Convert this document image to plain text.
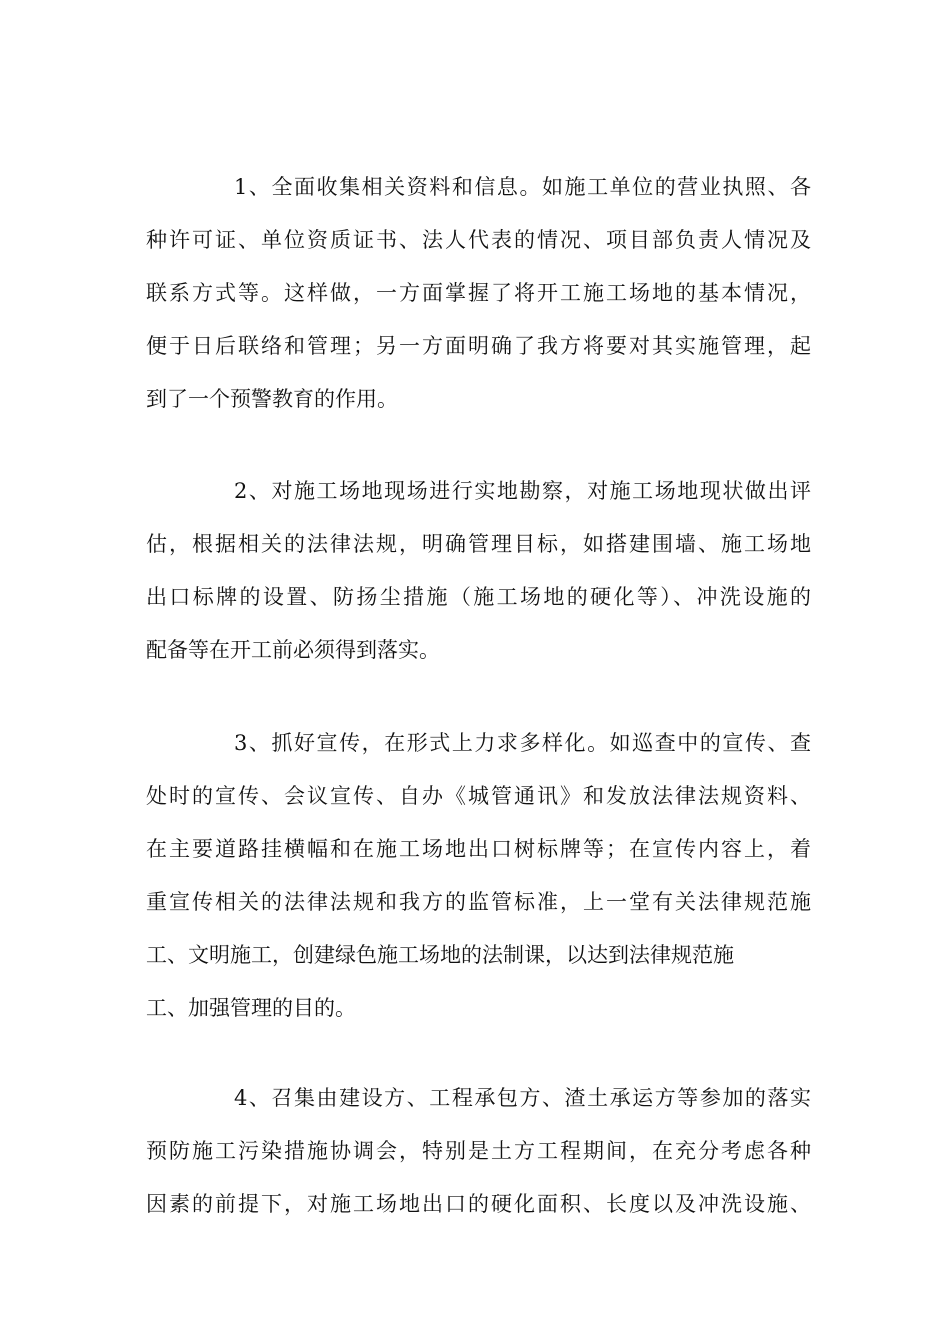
1、全面收集相关资料和信息。如施工单位的营业执照、各
种许可证、单位资质证书、法人代表的情况、项目部负责人情况及
联系方式等。这样做，一方面掌握了将开工施工场地的基本情况，
便于日后联络和管理；另一方面明确了我方将要对其实施管理，起
到了一个预警教育的作用。
2、对施工场地现场进行实地勘察，对施工场地现状做出评
估，根据相关的法律法规，明确管理目标，如搭建围墙、施工场地
出口标牌的设置、防扬尘措施（施工场地的硬化等）、冲洗设施的
配备等在开工前必须得到落实。
3、抓好宣传，在形式上力求多样化。如巡查中的宣传、查
处时的宣传、会议宣传、自办《城管通讯》和发放法律法规资料、
在主要道路挂横幅和在施工场地出口树标牌等；在宣传内容上，着
重宣传相关的法律法规和我方的监管标准，上一堂有关法律规范施
工、文明施工，创建绿色施工场地的法制课，以达到法律规范施
工、加强管理的目的。
4、召集由建设方、工程承包方、渣土承运方等参加的落实
预防施工污染措施协调会，特别是土方工程期间，在充分考虑各种
因素的前提下，对施工场地出口的硬化面积、长度以及冲洗设施、
